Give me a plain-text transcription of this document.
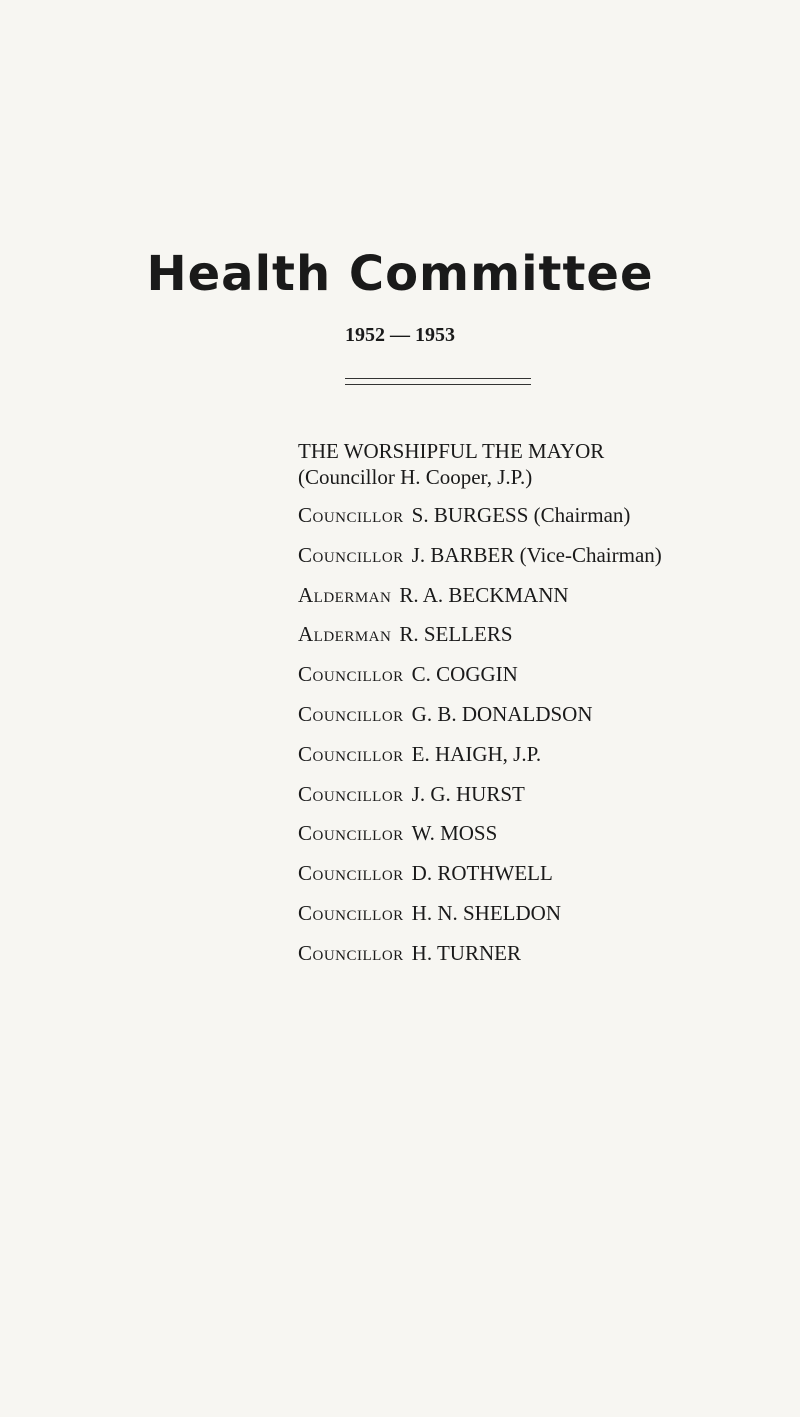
Health Committee
1952 — 1953
THE WORSHIPFUL THE MAYOR
(Councillor H. Cooper, J.P.)
Councillor S. BURGESS (Chairman)
Councillor J. BARBER (Vice-Chairman)
Alderman R. A. BECKMANN
Alderman R. SELLERS
Councillor C. COGGIN
Councillor G. B. DONALDSON
Councillor E. HAIGH, J.P.
Councillor J. G. HURST
Councillor W. MOSS
Councillor D. ROTHWELL
Councillor H. N. SHELDON
Councillor H. TURNER
